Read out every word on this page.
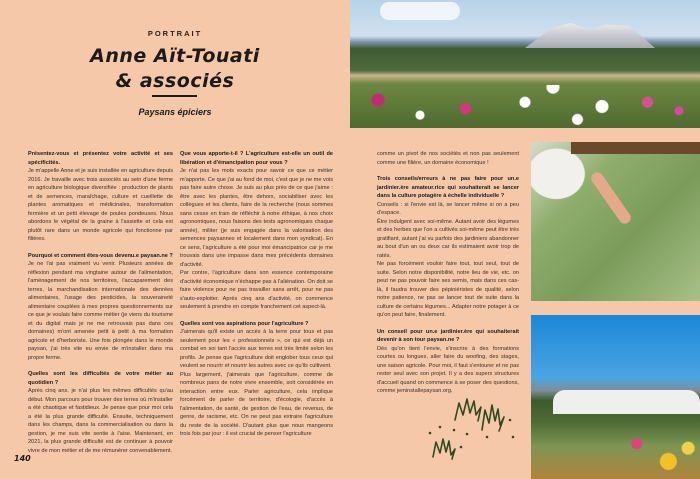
PORTRAIT
Anne Aït-Touati
& associés
Paysans épiciers

Présentez-vous et présentez votre activité et ses spécificités.

Je m'appelle Anne et je suis installée en agriculture depuis 2016. Je travaille avec trois associés au sein d'une ferme en agriculture biologique diversifiée : production de plants et de semences, maraîchage, culture et cueillette de plantes aromatiques et médicinales, transformation fermière et un petit élevage de poules pondeuses. Nous abordons le végétal de la graine à l'assiette et cela est plutôt rare dans un monde agricole qui fonctionne par filières.

Pourquoi et comment êtes-vous devenu.e paysan.ne ?

Je ne l'ai pas vraiment vu venir. Plusieurs années de réflexion pendant ma vingtaine autour de l'alimentation, l'aménagement de nos territoires, l'accaparement des terres, la marchandisation internationale des denrées alimentaires, l'usage des pesticides, la souveraineté alimentaire couplées à mes propres questionnements sur ce que je voulais faire comme métier (je viens du tourisme et du digital mais je ne me retrouvais pas dans ces domaines) m'ont amenée petit à petit à ma formation agricole et d'herboriste. Une fois plongée dans le monde paysan, j'ai très vite eu envie de m'installer dans ma propre ferme.

Quelles sont les difficultés de votre métier au quotidien ?

Après cinq ans, je n'ai plus les mêmes difficultés qu'au début. Mon parcours pour trouver des terres où m'installer a été chaotique et fastidieux. Je pense que pour moi cela a été la plus grande difficulté. Ensuite, techniquement dans les champs, dans la commercialisation ou dans la gestion, je me suis vite sentie à l'aise. Maintenant, en 2021, la plus grande difficulté est de continuer à pouvoir vivre de mon métier et de me rémunérer convenablement.

Que vous apporte-t-il ? L'agriculture est-elle un outil de libération et d'émancipation pour vous ?

Je n'ai pas les mots exacts pour savoir ce que ce métier m'apporte. Ce que j'ai au fond de moi, c'est que je ne me vois pas faire autre chose. Je suis au plus près de ce que j'aime : être avec les plantes, être dehors, sociabiliser avec les collègues et les clients, faire de la recherche (nous sommes sans cesse en train de réfléchir à notre éthique, à nos choix agronomiques, nous faisons des tests agronomiques chaque année), militer (je suis engagée dans la valorisation des semences paysannes et localement dans mon syndicat). En ce sens, l'agriculture a été pour moi émancipatrice car je me trouvais dans une impasse dans mes précédents domaines d'activité.

Par contre, l'agriculture dans son essence contemporaine d'activité économique n'échappe pas à l'aliénation. On doit se faire violence pour ne pas travailler sans arrêt, pour ne pas s'auto-exploiter. Après cinq ans d'activité, on commence seulement à prendre en compte franchement cet aspect-là.

Quelles sont vos aspirations pour l'agriculture ?

J'aimerais qu'il existe un accès à la terre pour tous et pas seulement pour les « professionnels », ce qui est déjà un combat en soi tant l'accès aux terres est très limité selon les profils. Je pense que l'agriculture doit englober tous ceux qui veulent se nourrir et nourrir les autres avec ce qu'ils cultivent.

Plus largement, j'aimerais que l'agriculture, comme de nombreux pans de notre vivre ensemble, soit considérée en interaction entre eux. Parler agriculture, cela implique forcément de parler de territoire, d'écologie, d'accès à l'alimentation, de santé, de gestion de l'eau, de revenus, de genre, de racisme, etc. On ne peut pas extraire l'agriculture du reste de la société. D'autant plus que nous mangeons trois fois par jour : il est crucial de penser l'agriculture

comme un pivot de nos sociétés et non pas seulement comme une filière, un domaine économique !

Trois conseils/erreurs à ne pas faire pour un.e jardinier.ère amateur.rice qui souhaiterait se lancer dans la culture potagère à échelle individuelle ?

Conseils : si l'envie est là, se lancer même si on a peu d'espace.

Être indulgent avec soi-même. Autant avoir des légumes et des herbes que l'on a cultivés soi-même peut être très gratifiant, autant j'ai vu parfois des jardiniers abandonner au bout d'un an ou deux car ils estimaient avoir trop de ratés.

Ne pas forcément vouloir faire tout, tout seul, tout de suite. Selon notre disponibilité, notre lieu de vie, etc. on peut ne pas pouvoir faire ses semis, mais dans ces cas-là, il faudra trouver des pépiniéristes de qualité, selon notre patience, ne pas se lancer tout de suite dans la culture de certains légumes... Adapter notre potager à ce qu'on peut faire, finalement.

Un conseil pour un.e jardinier.ère qui souhaiterait devenir à son tour paysan.ne ?

Dès qu'on tient l'envie, s'inscrire à des formations courtes ou longues, aller faire du woofing, des stages, une saison agricole. Pour moi, il faut s'entourer et ne pas rester seul avec son projet. Il y a des supers structures d'accueil quand on commence à se poser des questions, comme jeminstallepaysan.org.

140
